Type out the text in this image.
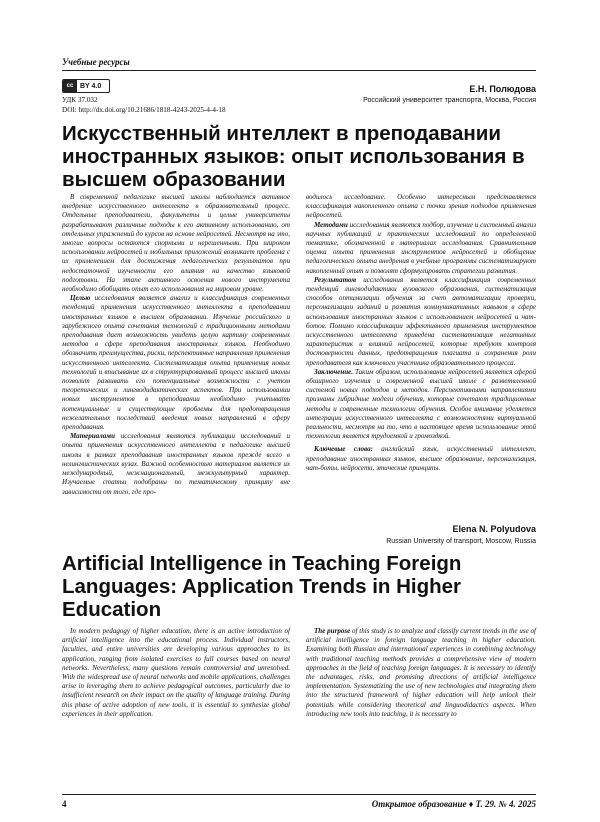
Учебные ресурсы
cc BY 4.0
УДК 37.032
DOI: http://dx.doi.org/10.21686/1818-4243-2025-4-4-18
Е.Н. Полюдова
Российский университет транспорта, Москва, Россия
Искусственный интеллект в преподавании иностранных языков: опыт использования в высшем образовании

В современной педагогике высшей школы наблюдается активное внедрение искусственного интеллекта в образовательный процесс. Отдельные преподаватели, факультеты и целые университеты разрабатывают различные подходы к его активному использованию, от отдельных упражнений до курсов на основе нейросетей. Несмотря на это, многие вопросы остаются спорными и нерешенными. При широком использовании нейросетей и мобильных приложений возникает проблема с их применением для достижения педагогических результатов при недостаточной изученности его влияния на качество языковой подготовки. На этапе активного освоения нового инструмента необходимо обобщать опыт его использования на мировом уровне.

Целью исследования является анализ и классификация современных тенденций применения искусственного интеллекта в преподавании иностранных языков в высшем образовании. Изучение российского и зарубежного опыта сочетания технологий с традиционными методами преподавания дает возможность увидеть целую картину современных методов в сфере преподавания иностранных языков. Необходимо обозначить преимущества, риски, перспективные направления применения искусственного интеллекта. Систематизация опыта применения новых технологий и вписывание их в структурированный процесс высшей школы позволит развивать его потенциальные возможности с учетом теоретических и лингводидактических аспектов. При использовании новых инструментов в преподавании необходимо учитывать потенциальные и существующие проблемы для предотвращения нежелательных последствий введения новых направлений в сферу преподавания.

Материалами исследования являются публикации исследований и опыта применения искусственного интеллекта в педагогике высшей школы в рамках преподавания иностранных языков прежде всего в нелингвистических вузах. Важной особенностью материалов является их международный, межнациональный, межкультурный характер. Изучаемые статьи подобраны по тематическому принципу вне зависимости от того, где про-

водилось исследование. Особенно интересным представляется классификация накопленного опыта с точки зрения подходов применения нейросетей.

Методами исследования являются подбор, изучение и системный анализ научных публикаций и практических исследований по определенной тематике, обозначенной в материалах исследования. Сравнительная оценка опыта применения инструментов нейросетей и обобщение педагогического опыта внедрения в учебные программы систематизируют накопленный опыт и позволят сформулировать стратегии развития.

Результатом исследования является классификация современных тенденций лингводидактики вузовского образования, систематизация способов оптимизации обучения за счет автоматизации проверки, персонализации заданий и развития коммуникативных навыков в сфере использования иностранных языков с использованием нейросетей и чат-ботов. Помимо классификации эффективного применения инструментов искусственного интеллекта приведена систематизация негативных характеристик и влияний нейросетей, которые требуют контроля достоверности данных, предотвращения плагиата и сохранения роли преподавателя как ключевого участника образовательного процесса.

Заключение. Таким образом, использование нейросетей является сферой обширного изучения и современной высшей школе с разветвленной системой новых подходов и методов. Перспективными направлениями признаны гибридные модели обучения, которые сочетают традиционные методы и современные технологии обучения. Особое внимание уделяется интеграции искусственного интеллекта с возможностями виртуальной реальности, несмотря на то, что в настоящее время использование этой технологии является трудоемкой и громоздкой.

Ключевые слова: английский язык, искусственный интеллект, преподавание иностранных языков, высшее образование, персонализация, чат-боты, нейросети, этические принципы.

Elena N. Polyudova
Russian University of transport, Moscow, Russia
Artificial Intelligence in Teaching Foreign Languages: Application Trends in Higher Education

In modern pedagogy of higher education, there is an active introduction of artificial intelligence into the educational process. Individual instructors, faculties, and entire universities are developing various approaches to its application, ranging from isolated exercises to full courses based on neural networks. Nevertheless, many questions remain controversial and unresolved. With the widespread use of neural networks and mobile applications, challenges arise in leveraging them to achieve pedagogical outcomes, particularly due to insufficient research on their impact on the quality of language training. During this phase of active adoption of new tools, it is essential to synthesize global experiences in their application.

The purpose of this study is to analyze and classify current trends in the use of artificial intelligence in foreign language teaching in higher education. Examining both Russian and international experiences in combining technology with traditional teaching methods provides a comprehensive view of modern approaches in the field of teaching foreign languages. It is necessary to identify the advantages, risks, and promising directions of artificial intelligence implementation. Systematizing the use of new technologies and integrating them into the structured framework of higher education will help unlock their potentials while considering theoretical and linguodidactics aspects. When introducing new tools into teaching, it is necessary to

4	Открытое образование ♦ Т. 29. № 4. 2025
